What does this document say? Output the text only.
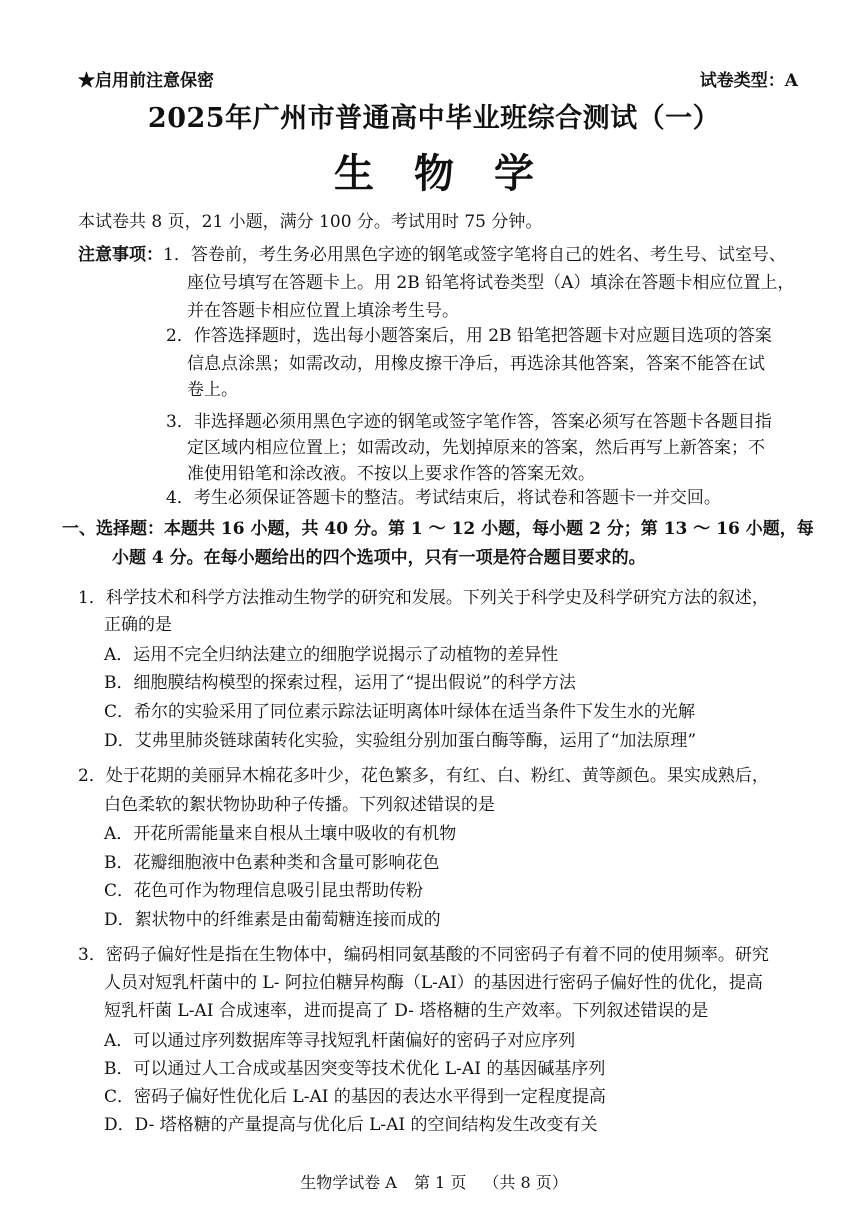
★启用前注意保密	试卷类型：A
2025年广州市普通高中毕业班综合测试（一）
生物学
本试卷共 8 页，21 小题，满分 100 分。考试用时 75 分钟。
注意事项：1．答卷前，考生务必用黑色字迹的钢笔或签字笔将自己的姓名、考生号、试室号、
座位号填写在答题卡上。用 2B 铅笔将试卷类型（A）填涂在答题卡相应位置上，
并在答题卡相应位置上填涂考生号。
2．作答选择题时，选出每小题答案后，用 2B 铅笔把答题卡对应题目选项的答案
信息点涂黑；如需改动，用橡皮擦干净后，再选涂其他答案，答案不能答在试
卷上。
3．非选择题必须用黑色字迹的钢笔或签字笔作答，答案必须写在答题卡各题目指
定区域内相应位置上；如需改动，先划掉原来的答案，然后再写上新答案；不
准使用铅笔和涂改液。不按以上要求作答的答案无效。
4．考生必须保证答题卡的整洁。考试结束后，将试卷和答题卡一并交回。
一、选择题：本题共 16 小题，共 40 分。第 1 ～ 12 小题，每小题 2 分；第 13 ～ 16 小题，每
小题 4 分。在每小题给出的四个选项中，只有一项是符合题目要求的。
1．科学技术和科学方法推动生物学的研究和发展。下列关于科学史及科学研究方法的叙述，
正确的是
A．运用不完全归纳法建立的细胞学说揭示了动植物的差异性
B．细胞膜结构模型的探索过程，运用了“提出假说”的科学方法
C．希尔的实验采用了同位素示踪法证明离体叶绿体在适当条件下发生水的光解
D．艾弗里肺炎链球菌转化实验，实验组分别加蛋白酶等酶，运用了“加法原理”
2．处于花期的美丽异木棉花多叶少，花色繁多，有红、白、粉红、黄等颜色。果实成熟后，
白色柔软的絮状物协助种子传播。下列叙述错误的是
A．开花所需能量来自根从土壤中吸收的有机物
B．花瓣细胞液中色素种类和含量可影响花色
C．花色可作为物理信息吸引昆虫帮助传粉
D．絮状物中的纤维素是由葡萄糖连接而成的
3．密码子偏好性是指在生物体中，编码相同氨基酸的不同密码子有着不同的使用频率。研究
人员对短乳杆菌中的 L- 阿拉伯糖异构酶（L-AI）的基因进行密码子偏好性的优化，提高
短乳杆菌 L-AI 合成速率，进而提高了 D- 塔格糖的生产效率。下列叙述错误的是
A．可以通过序列数据库等寻找短乳杆菌偏好的密码子对应序列
B．可以通过人工合成或基因突变等技术优化 L-AI 的基因碱基序列
C．密码子偏好性优化后 L-AI 的基因的表达水平得到一定程度提高
D．D- 塔格糖的产量提高与优化后 L-AI 的空间结构发生改变有关
生物学试卷 A 第 1 页 （共 8 页）
